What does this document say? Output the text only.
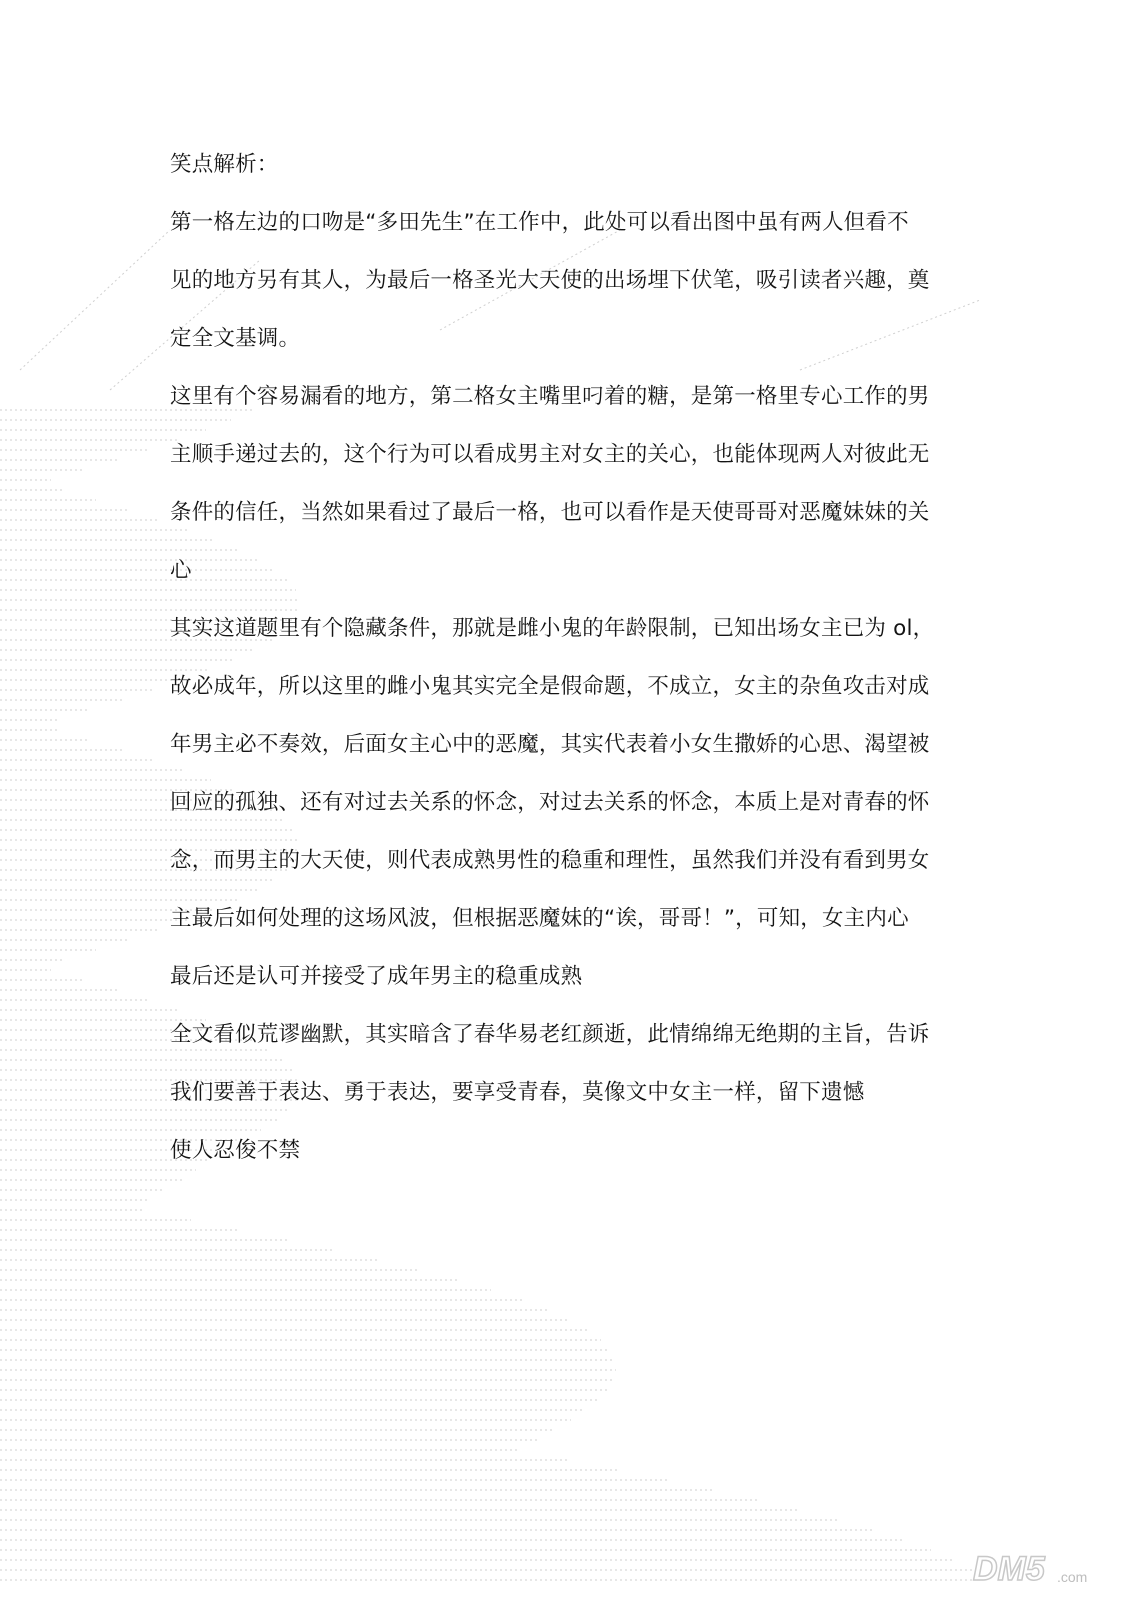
笑点解析：
第一格左边的口吻是“多田先生”在工作中，此处可以看出图中虽有两人但看不
见的地方另有其人，为最后一格圣光大天使的出场埋下伏笔，吸引读者兴趣，奠
定全文基调。
这里有个容易漏看的地方，第二格女主嘴里叼着的糖，是第一格里专心工作的男
主顺手递过去的，这个行为可以看成男主对女主的关心，也能体现两人对彼此无
条件的信任，当然如果看过了最后一格，也可以看作是天使哥哥对恶魔妹妹的关
心
其实这道题里有个隐藏条件，那就是雌小鬼的年龄限制，已知出场女主已为 ol，
故必成年，所以这里的雌小鬼其实完全是假命题，不成立，女主的杂鱼攻击对成
年男主必不奏效，后面女主心中的恶魔，其实代表着小女生撒娇的心思、渴望被
回应的孤独、还有对过去关系的怀念，对过去关系的怀念，本质上是对青春的怀
念，而男主的大天使，则代表成熟男性的稳重和理性，虽然我们并没有看到男女
主最后如何处理的这场风波，但根据恶魔妹的“诶，哥哥！”，可知，女主内心
最后还是认可并接受了成年男主的稳重成熟
全文看似荒谬幽默，其实暗含了春华易老红颜逝，此情绵绵无绝期的主旨，告诉
我们要善于表达、勇于表达，要享受青春，莫像文中女主一样，留下遗憾
使人忍俊不禁
DM5 .com
